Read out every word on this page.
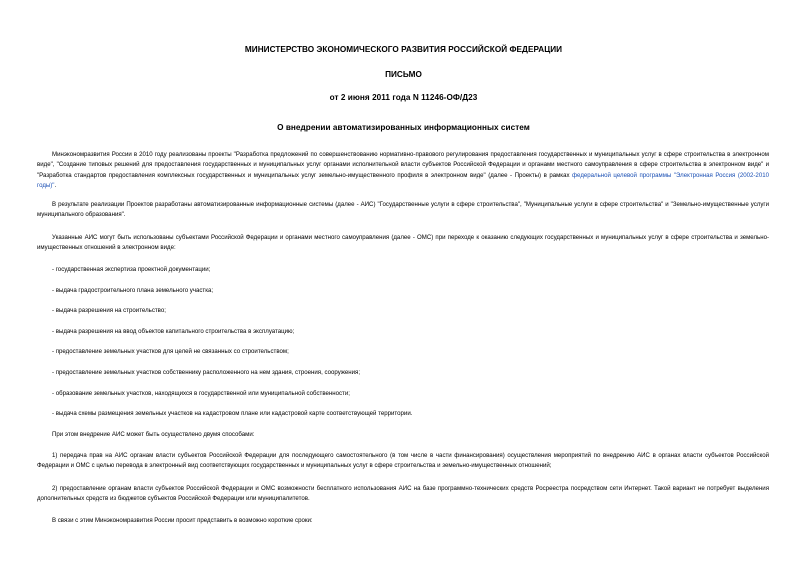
МИНИСТЕРСТВО ЭКОНОМИЧЕСКОГО РАЗВИТИЯ РОССИЙСКОЙ ФЕДЕРАЦИИ
ПИСЬМО
от 2 июня 2011 года N 11246-ОФ/Д23
О внедрении автоматизированных информационных систем

Минэкономразвития России в 2010 году реализованы проекты "Разработка предложений по совершенствованию нормативно-правового регулирования предоставления государственных и муниципальных услуг в сфере строительства в электронном виде", "Создание типовых решений для предоставления государственных и муниципальных услуг органами исполнительной власти субъектов Российской Федерации и органами местного самоуправления в сфере строительства в электронном виде" и "Разработка стандартов предоставления комплексных государственных и муниципальных услуг земельно-имущественного профиля в электронном виде" (далее - Проекты) в рамках федеральной целевой программы "Электронная Россия (2002-2010 годы)".

В результате реализации Проектов разработаны автоматизированные информационные системы (далее - АИС) "Государственные услуги в сфере строительства", "Муниципальные услуги в сфере строительства" и "Земельно-имущественные услуги муниципального образования".

Указанные АИС могут быть использованы субъектами Российской Федерации и органами местного самоуправления (далее - ОМС) при переходе к оказанию следующих государственных и муниципальных услуг в сфере строительства и земельно-имущественных отношений в электронном виде:

- государственная экспертиза проектной документации;

- выдача градостроительного плана земельного участка;

- выдача разрешения на строительство;

- выдача разрешения на ввод объектов капитального строительства в эксплуатацию;

- предоставление земельных участков для целей не связанных со строительством;

- предоставление земельных участков собственнику расположенного на нем здания, строения, сооружения;

- образование земельных участков, находящихся в государственной или муниципальной собственности;

- выдача схемы размещения земельных участков на кадастровом плане или кадастровой карте соответствующей территории.

При этом внедрение АИС может быть осуществлено двумя способами:

1) передача прав на АИС органам власти субъектов Российской Федерации для последующего самостоятельного (в том числе в части финансирования) осуществления мероприятий по внедрению АИС в органах власти субъектов Российской Федерации и ОМС с целью перевода в электронный вид соответствующих государственных и муниципальных услуг в сфере строительства и земельно-имущественных отношений;

2) предоставление органам власти субъектов Российской Федерации и ОМС возможности бесплатного использования АИС на базе программно-технических средств Росреестра посредством сети Интернет. Такой вариант не потребует выделения дополнительных средств из бюджетов субъектов Российской Федерации или муниципалитетов.

В связи с этим Минэкономразвития России просит представить в возможно короткие сроки:
